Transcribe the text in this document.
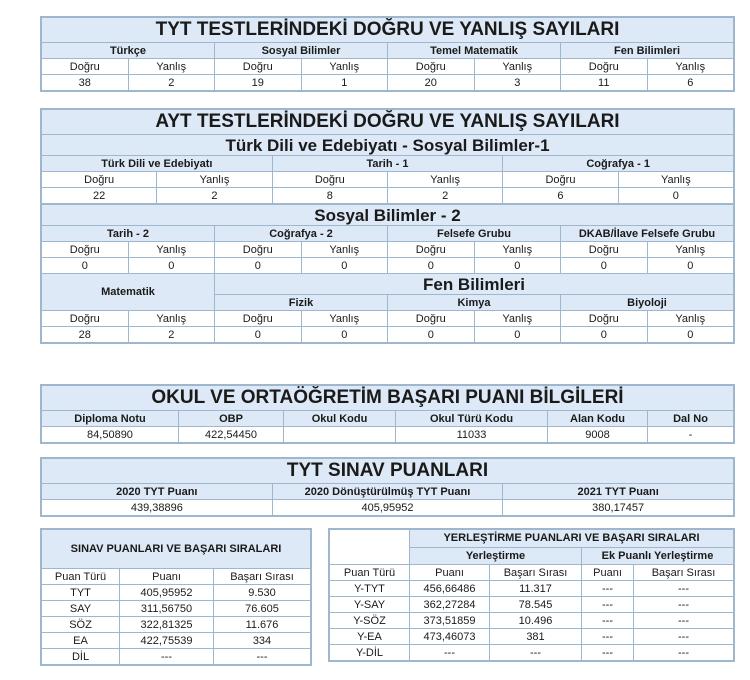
TYT TESTLERİNDEKİ DOĞRU VE YANLIŞ SAYILARI							
Türkçe		Sosyal Bilimler		Temel Matematik		Fen Bilimleri	
Doğru	Yanlış	Doğru	Yanlış	Doğru	Yanlış	Doğru	Yanlış
38	2	19	1	20	3	11	6
AYT TESTLERİNDEKİ DOĞRU VE YANLIŞ SAYILARI					
Türk Dili ve Edebiyatı - Sosyal Bilimler-1					
Türk Dili ve Edebiyatı		Tarih - 1		Coğrafya - 1	
Doğru	Yanlış	Doğru	Yanlış	Doğru	Yanlış
22	2	8	2	6	0
Sosyal Bilimler - 2							
Tarih - 2		Coğrafya - 2		Felsefe Grubu		DKAB/İlave Felsefe Grubu	
Doğru	Yanlış	Doğru	Yanlış	Doğru	Yanlış	Doğru	Yanlış
0	0	0	0	0	0	0	0
Matematik		Fen Bilimleri					
		Fizik		Kimya		Biyoloji	
Doğru	Yanlış	Doğru	Yanlış	Doğru	Yanlış	Doğru	Yanlış
28	2	0	0	0	0	0	0
OKUL VE ORTAÖĞRETİM BAŞARI PUANI BİLGİLERİ					
Diploma Notu	OBP	Okul Kodu	Okul Türü Kodu	Alan Kodu	Dal No
84,50890	422,54450		11033	9008	-
TYT SINAV PUANLARI		
2020 TYT Puanı	2020 Dönüştürülmüş TYT Puanı	2021 TYT Puanı
439,38896	405,95952	380,17457
SINAV PUANLARI VE BAŞARI SIRALARI		
Puan Türü	Puanı	Başarı Sırası
TYT	405,95952	9.530
SAY	311,56750	76.605
SÖZ	322,81325	11.676
EA	422,75539	334
DİL	---	---
	YERLEŞTİRME PUANLARI VE BAŞARI SIRALARI			
	Yerleştirme		Ek Puanlı Yerleştirme	
Puan Türü	Puanı	Başarı Sırası	Puanı	Başarı Sırası
Y-TYT	456,66486	11.317	---	---
Y-SAY	362,27284	78.545	---	---
Y-SÖZ	373,51859	10.496	---	---
Y-EA	473,46073	381	---	---
Y-DİL	---	---	---	---
